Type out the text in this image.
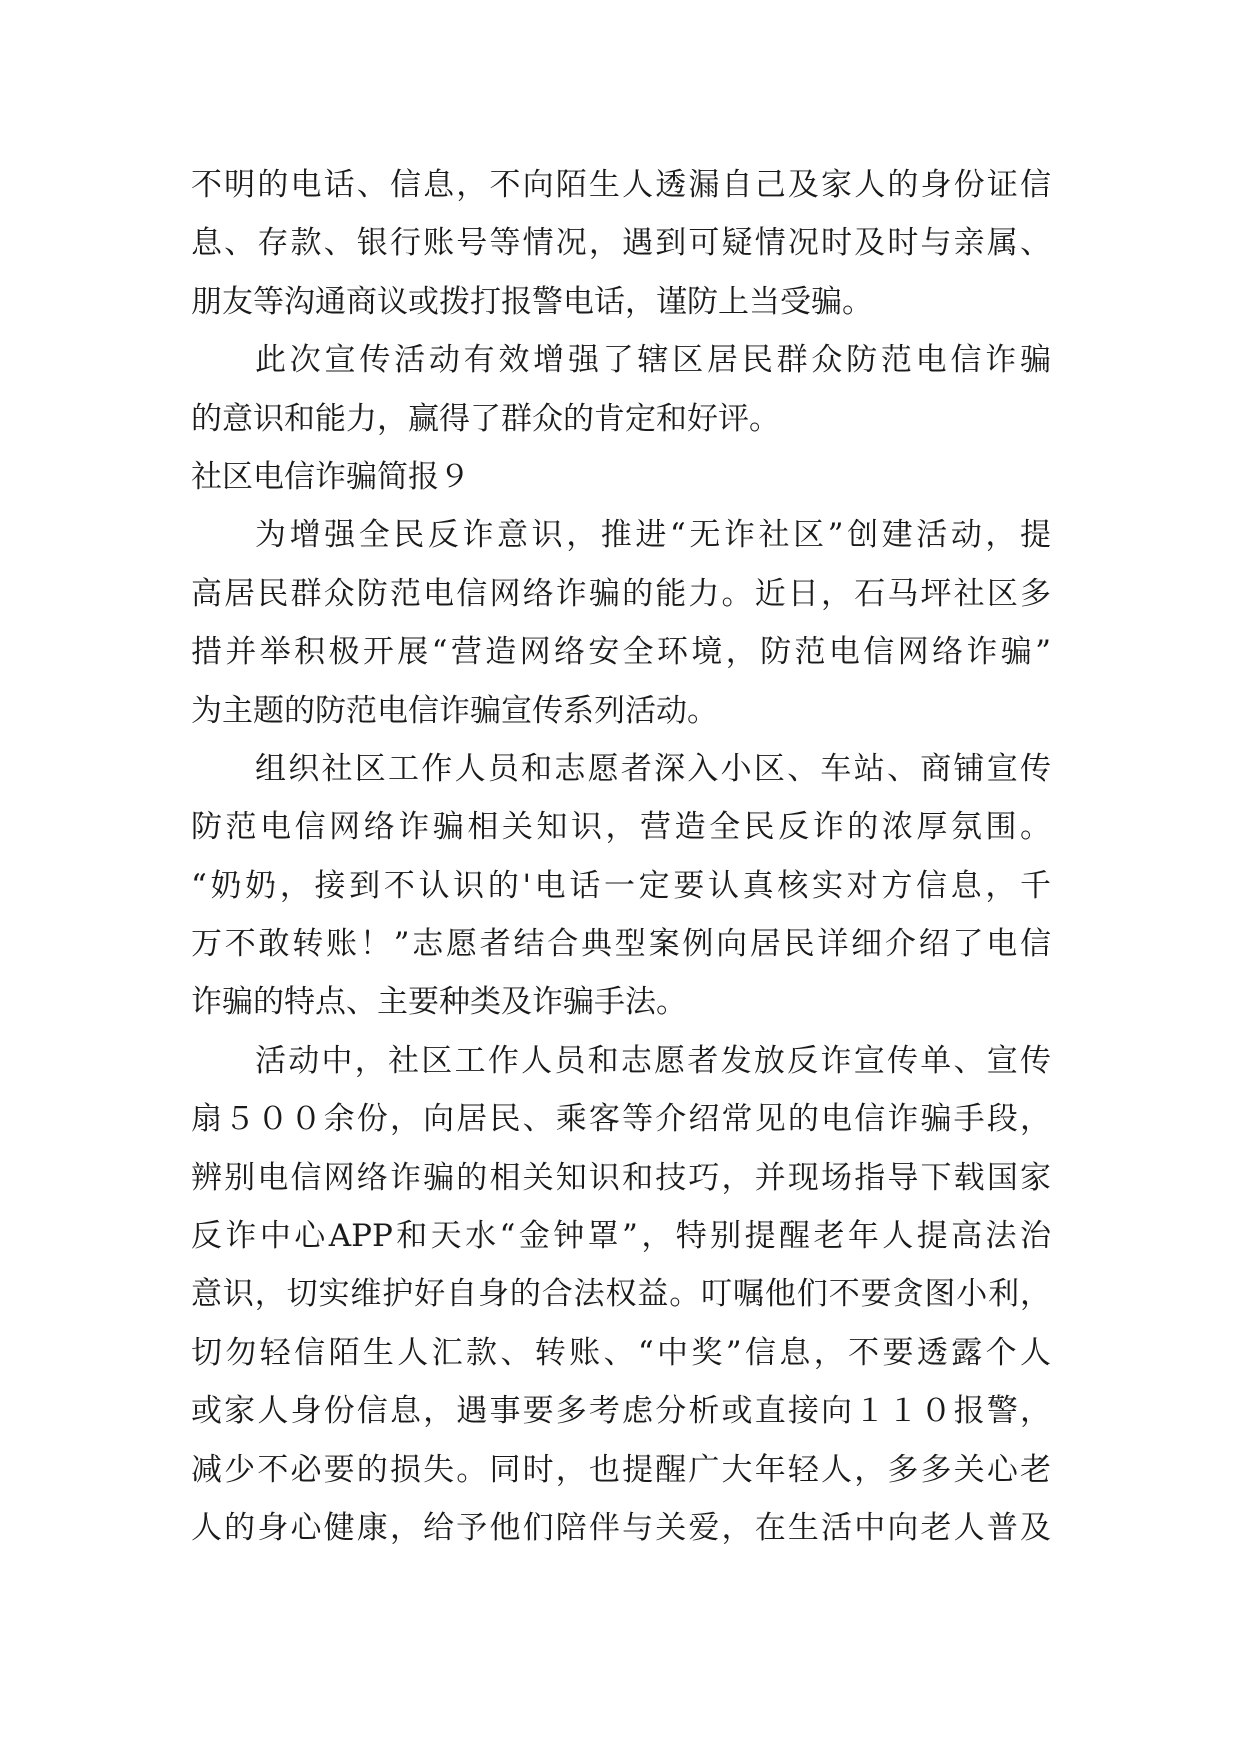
不明的电话、信息，不向陌生人透漏自己及家人的身份证信
息、存款、银行账号等情况，遇到可疑情况时及时与亲属、
朋友等沟通商议或拨打报警电话，谨防上当受骗。
此次宣传活动有效增强了辖区居民群众防范电信诈骗
的意识和能力，赢得了群众的肯定和好评。
社区电信诈骗简报９
为增强全民反诈意识，推进“无诈社区”创建活动，提
高居民群众防范电信网络诈骗的能力。近日，石马坪社区多
措并举积极开展“营造网络安全环境，防范电信网络诈骗”
为主题的防范电信诈骗宣传系列活动。
组织社区工作人员和志愿者深入小区、车站、商铺宣传
防范电信网络诈骗相关知识，营造全民反诈的浓厚氛围。
“奶奶，接到不认识的'电话一定要认真核实对方信息，千
万不敢转账！”志愿者结合典型案例向居民详细介绍了电信
诈骗的特点、主要种类及诈骗手法。
活动中，社区工作人员和志愿者发放反诈宣传单、宣传
扇５００余份，向居民、乘客等介绍常见的电信诈骗手段，
辨别电信网络诈骗的相关知识和技巧，并现场指导下载国家
反诈中心APP和天水“金钟罩”，特别提醒老年人提高法治
意识，切实维护好自身的合法权益。叮嘱他们不要贪图小利，
切勿轻信陌生人汇款、转账、“中奖”信息，不要透露个人
或家人身份信息，遇事要多考虑分析或直接向１１０报警，
减少不必要的损失。同时，也提醒广大年轻人，多多关心老
人的身心健康，给予他们陪伴与关爱，在生活中向老人普及
